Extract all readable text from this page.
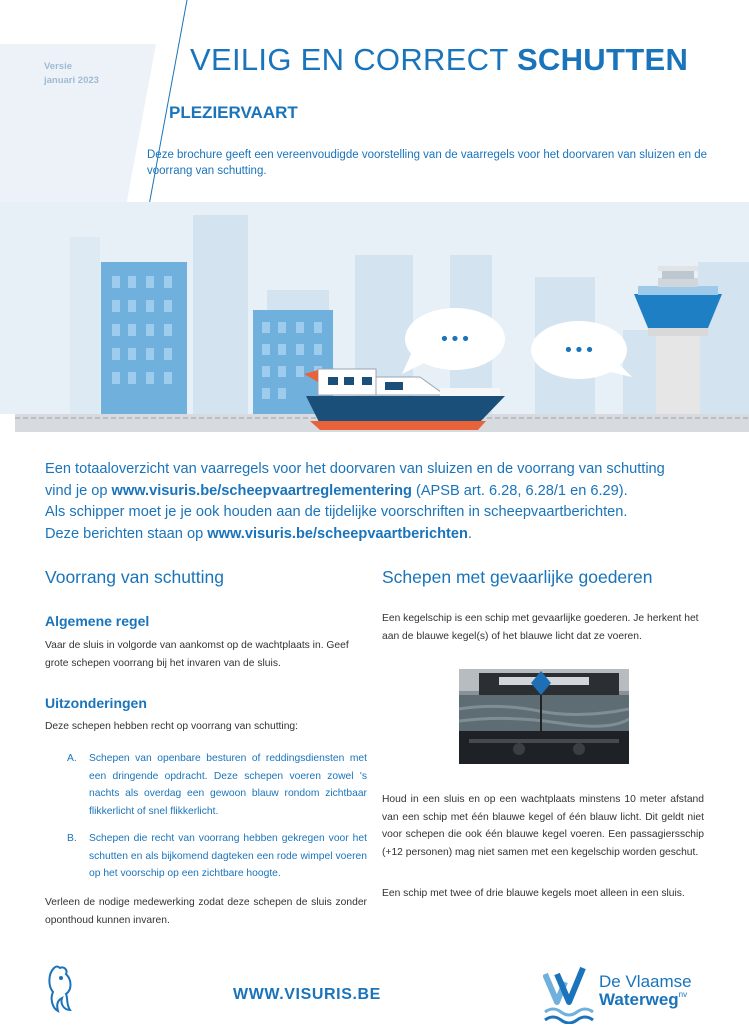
Versie
januari 2023
VEILIG EN CORRECT SCHUTTEN
PLEZIERVAART
Deze brochure geeft een vereenvoudigde voorstelling van de vaarregels voor het doorvaren van sluizen en de voorrang van schutting.
•••
•••
Een totaaloverzicht van vaarregels voor het doorvaren van sluizen en de voorrang van schutting
vind je op www.visuris.be/scheepvaartreglementering (APSB art. 6.28, 6.28/1 en 6.29).
Als schipper moet je je ook houden aan de tijdelijke voorschriften in scheepvaartberichten.
Deze berichten staan op www.visuris.be/scheepvaartberichten.
Voorrang van schutting
Algemene regel
Vaar de sluis in volgorde van aankomst op de wachtplaats in. Geef grote schepen voorrang bij het invaren van de sluis.
Uitzonderingen
Deze schepen hebben recht op voorrang van schutting:
A. Schepen van openbare besturen of reddingsdiensten met een dringende opdracht. Deze schepen voeren zowel 's nachts als overdag een gewoon blauw rondom zichtbaar flikkerlicht of snel flikkerlicht.
B. Schepen die recht van voorrang hebben gekregen voor het schutten en als bijkomend dagteken een rode wimpel voeren op het voorschip op een zichtbare hoogte.
Verleen de nodige medewerking zodat deze schepen de sluis zonder oponthoud kunnen invaren.
Schepen met gevaarlijke goederen
Een kegelschip is een schip met gevaarlijke goederen. Je herkent het aan de blauwe kegel(s) of het blauwe licht dat ze voeren.
Houd in een sluis en op een wachtplaats minstens 10 meter afstand van een schip met één blauwe kegel of één blauw licht. Dit geldt niet voor schepen die ook één blauwe kegel voeren. Een passagiersschip (+12 personen) mag niet samen met een kegelschip worden geschut.
Een schip met twee of drie blauwe kegels moet alleen in een sluis.
WWW.VISURIS.BE
De Vlaamse
Waterweg$^{nv}$
